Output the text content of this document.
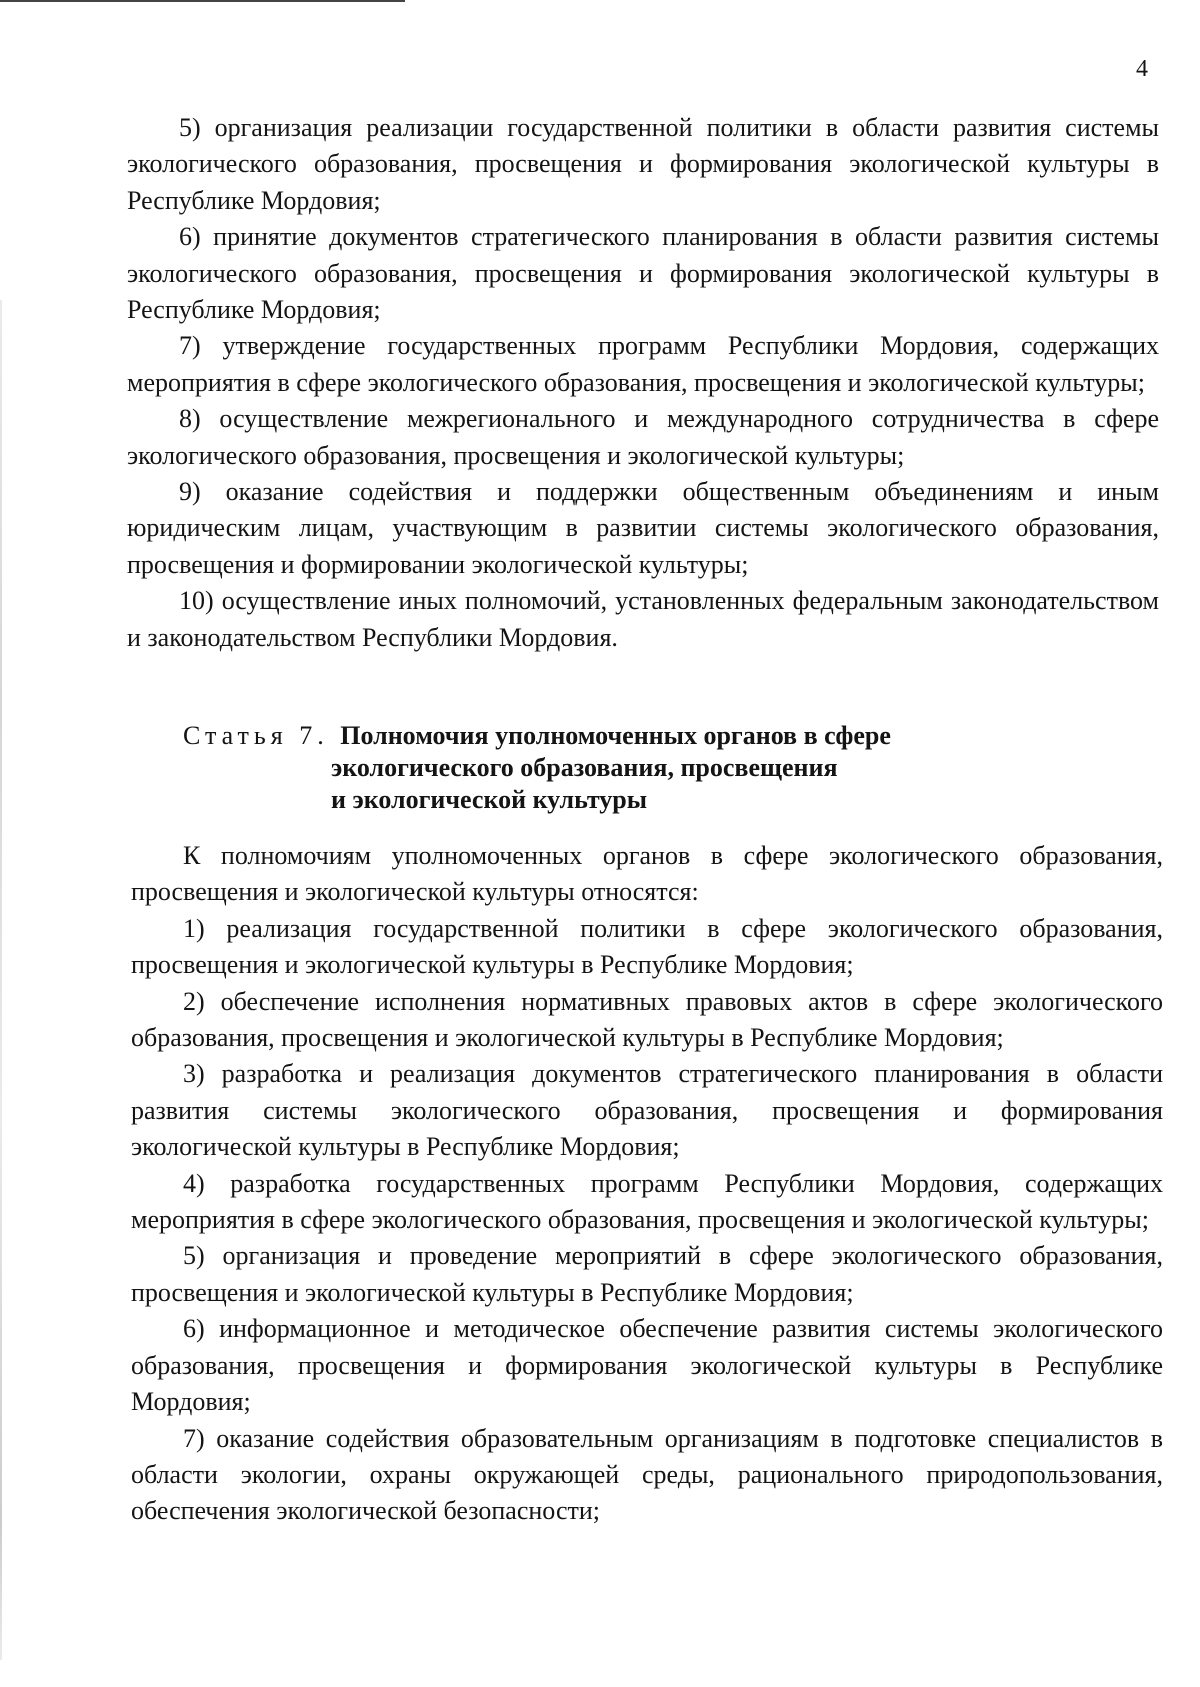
4

5) организация реализации государственной политики в области развития системы экологического образования, просвещения и формирования экологической культуры в Республике Мордовия;

6) принятие документов стратегического планирования в области развития системы экологического образования, просвещения и формирования экологической культуры в Республике Мордовия;

7) утверждение государственных программ Республики Мордовия, содержащих мероприятия в сфере экологического образования, просвещения и экологической культуры;

8) осуществление межрегионального и международного сотрудничества в сфере экологического образования, просвещения и экологической культуры;

9) оказание содействия и поддержки общественным объединениям и иным юридическим лицам, участвующим в развитии системы экологического образования, просвещения и формировании экологической культуры;

10) осуществление иных полномочий, установленных федеральным законодательством и законодательством Республики Мордовия.

Статья 7. Полномочия уполномоченных органов в сфере
экологического образования, просвещения
и экологической культуры

К полномочиям уполномоченных органов в сфере экологического образования, просвещения и экологической культуры относятся:

1) реализация государственной политики в сфере экологического образования, просвещения и экологической культуры в Республике Мордовия;

2) обеспечение исполнения нормативных правовых актов в сфере экологического образования, просвещения и экологической культуры в Республике Мордовия;

3) разработка и реализация документов стратегического планирования в области развития системы экологического образования, просвещения и формирования экологической культуры в Республике Мордовия;

4) разработка государственных программ Республики Мордовия, содержащих мероприятия в сфере экологического образования, просвещения и экологической культуры;

5) организация и проведение мероприятий в сфере экологического образования, просвещения и экологической культуры в Республике Мордовия;

6) информационное и методическое обеспечение развития системы экологического образования, просвещения и формирования экологической культуры в Республике Мордовия;

7) оказание содействия образовательным организациям в подготовке специалистов в области экологии, охраны окружающей среды, рационального природопользования, обеспечения экологической безопасности;
